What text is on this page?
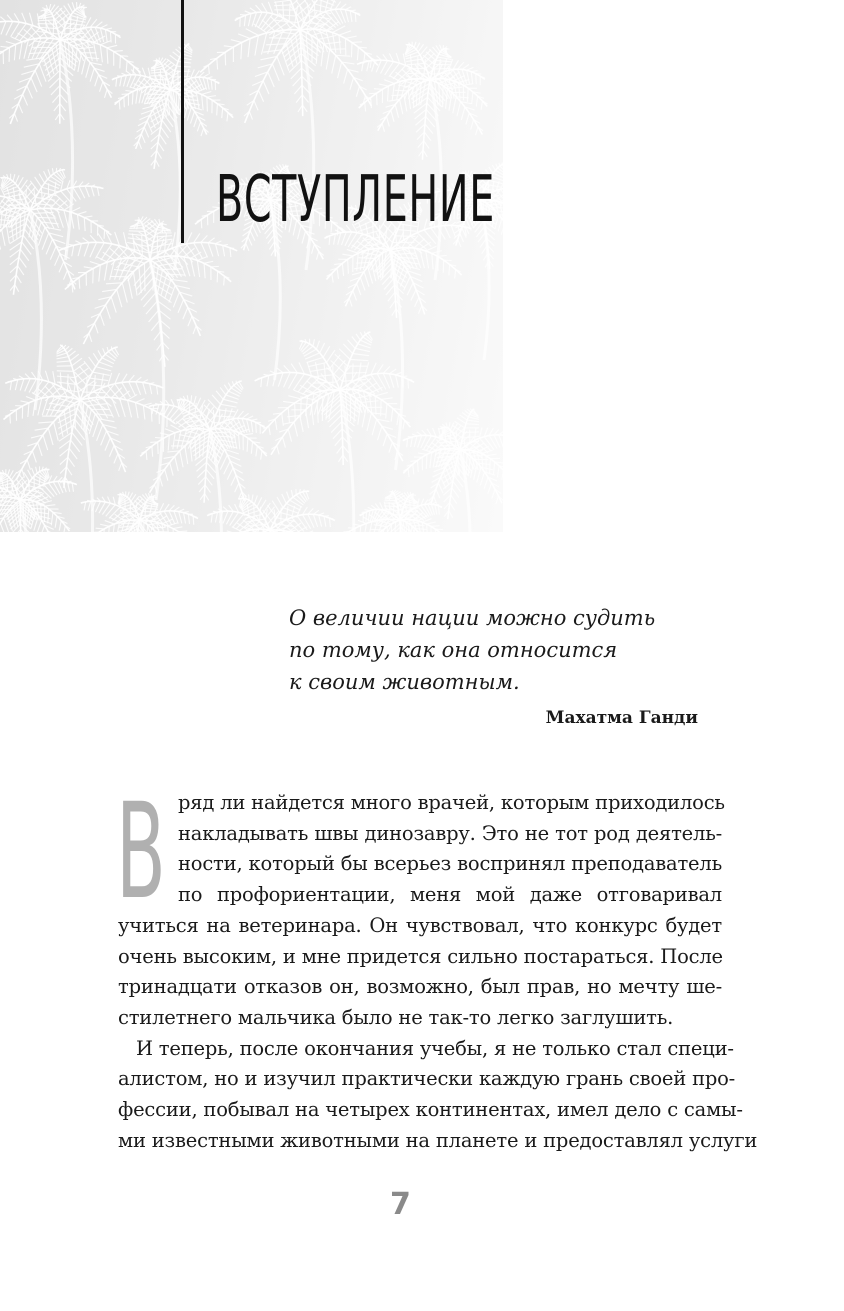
ВСТУПЛЕНИЕ
О величии нации можно судить
по тому, как она относится
к своим животным.
Махатма Ганди
В ряд ли найдется много врачей, которым приходилось
накладывать швы динозавру. Это не тот род деятель-
ности, который бы всерьез воспринял преподаватель
по профориентации, меня мой даже отговаривал
учиться на ветеринара. Он чувствовал, что конкурс будет
очень высоким, и мне придется сильно постараться. После
тринадцати отказов он, возможно, был прав, но мечту ше-
стилетнего мальчика было не так-то легко заглушить.
И теперь, после окончания учебы, я не только стал специ-
алистом, но и изучил практически каждую грань своей про-
фессии, побывал на четырех континентах, имел дело с самы-
ми известными животными на планете и предоставлял услуги
7
